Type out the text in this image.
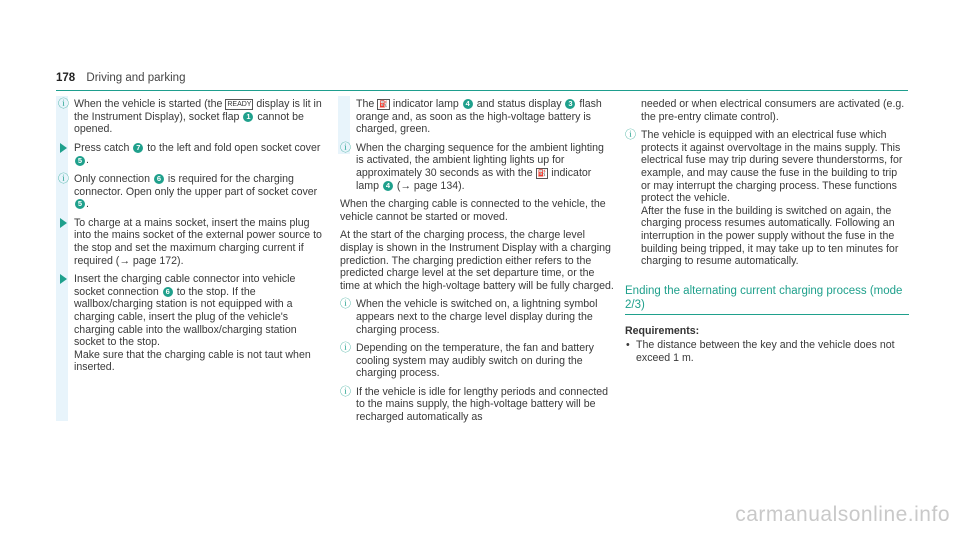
178 Driving and parking
ⓘ When the vehicle is started (the READY display is lit in the Instrument Display), socket flap 1 cannot be opened.
Press catch 7 to the left and fold open socket cover 5 .
ⓘ Only connection 6 is required for the charging connector. Open only the upper part of socket cover 5 .
To charge at a mains socket, insert the mains plug into the mains socket of the external power source to the stop and set the maximum charging current if required (→ page 172).
Insert the charging cable connector into vehicle socket connection 6 to the stop. If the wallbox/charging station is not equipped with a charging cable, insert the plug of the vehicle's charging cable into the wallbox/charging station socket to the stop.
Make sure that the charging cable is not taut when inserted.
The ⛽ indicator lamp 4 and status display 3 flash orange and, as soon as the high-voltage battery is charged, green.
ⓘ When the charging sequence for the ambient lighting is activated, the ambient lighting lights up for approximately 30 seconds as with the ⛽ indicator lamp 4 (→ page 134).
When the charging cable is connected to the vehicle, the vehicle cannot be started or moved.
At the start of the charging process, the charge level display is shown in the Instrument Display with a charging prediction. The charging prediction either refers to the predicted charge level at the set departure time, or the time at which the high-voltage battery will be fully charged.
ⓘ When the vehicle is switched on, a lightning symbol appears next to the charge level display during the charging process.
ⓘ Depending on the temperature, the fan and battery cooling system may audibly switch on during the charging process.
ⓘ If the vehicle is idle for lengthy periods and connected to the mains supply, the high-voltage battery will be recharged automatically as
needed or when electrical consumers are activated (e.g. the pre-entry climate control).
ⓘ The vehicle is equipped with an electrical fuse which protects it against overvoltage in the mains supply. This electrical fuse may trip during severe thunderstorms, for example, and may cause the fuse in the building to trip or may interrupt the charging process. These functions protect the vehicle.
After the fuse in the building is switched on again, the charging process resumes automatically. Following an interruption in the power supply without the fuse in the building being tripped, it may take up to ten minutes for charging to resume automatically.
Ending the alternating current charging process (mode 2/3)
Requirements:
• The distance between the key and the vehicle does not exceed 1 m.
carmanualsonline.info
